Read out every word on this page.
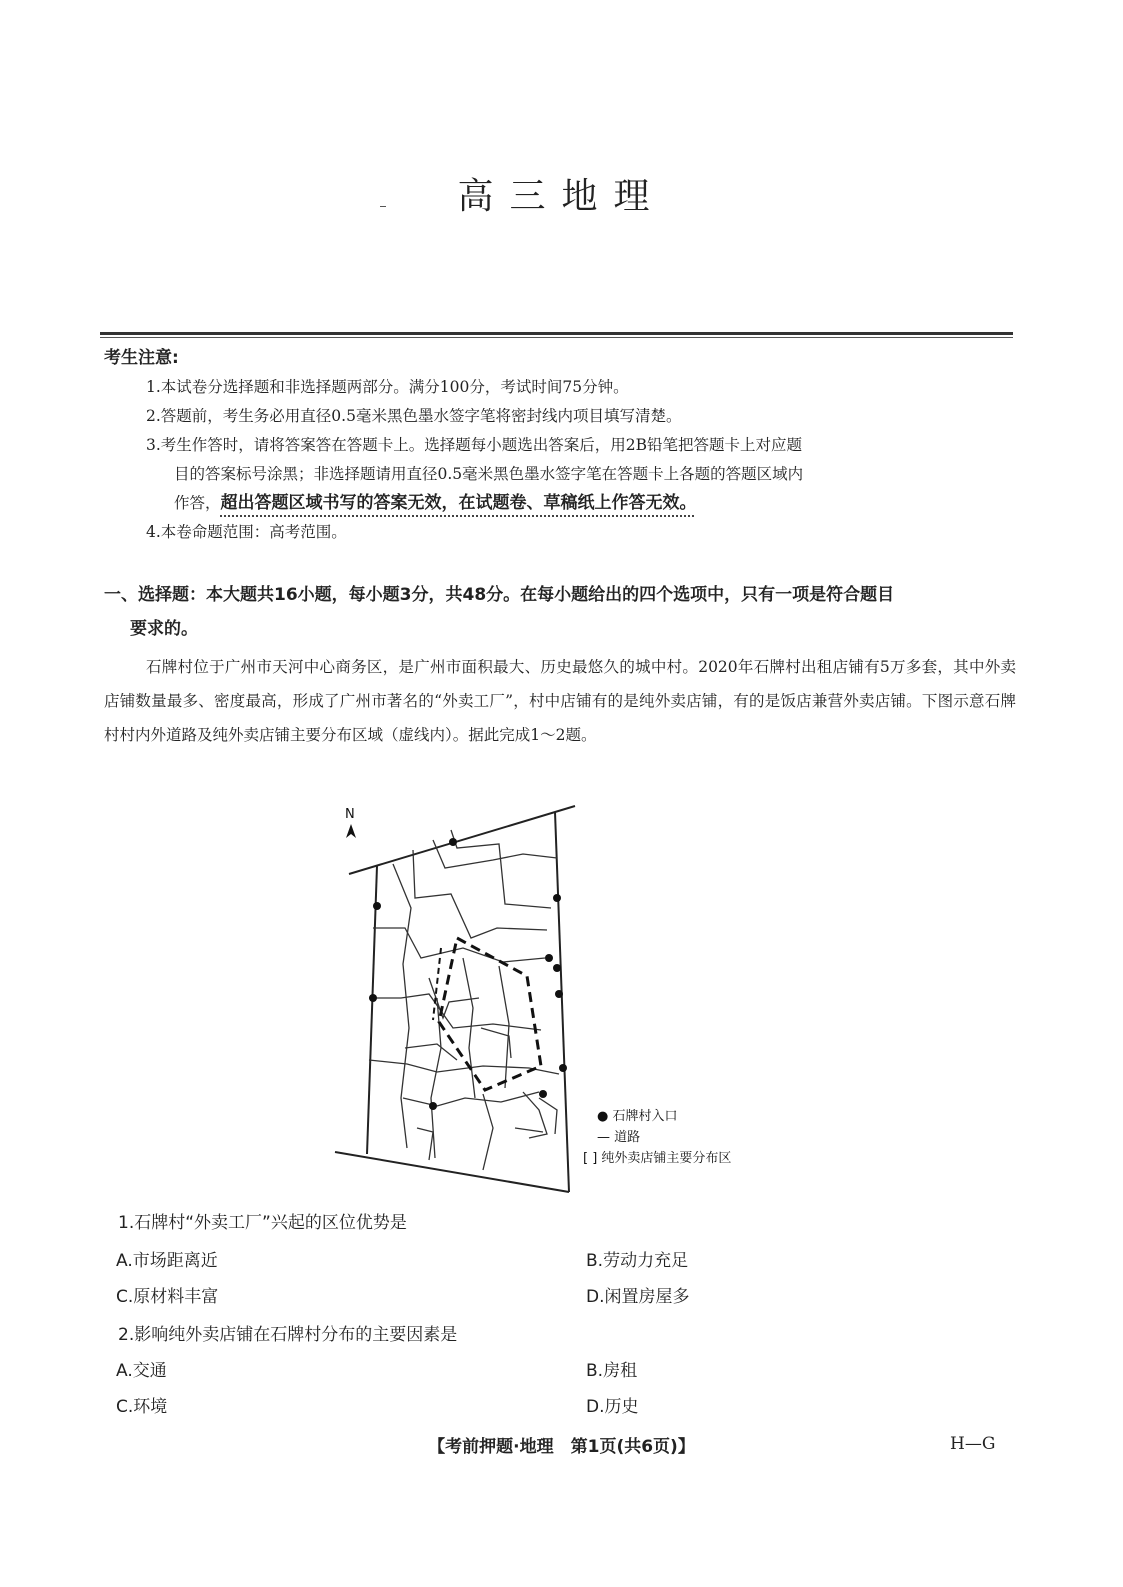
高三地理
考生注意:
1.本试卷分选择题和非选择题两部分。满分100分，考试时间75分钟。
2.答题前，考生务必用直径0.5毫米黑色墨水签字笔将密封线内项目填写清楚。
3.考生作答时，请将答案答在答题卡上。选择题每小题选出答案后，用2B铅笔把答题卡上对应题
目的答案标号涂黑；非选择题请用直径0.5毫米黑色墨水签字笔在答题卡上各题的答题区域内
作答，超出答题区域书写的答案无效，在试题卷、草稿纸上作答无效。
4.本卷命题范围：高考范围。
一、选择题：本大题共16小题，每小题3分，共48分。在每小题给出的四个选项中，只有一项是符合题目
要求的。
石牌村位于广州市天河中心商务区，是广州市面积最大、历史最悠久的城中村。2020年石牌村出租店铺有5万多套，其中外卖店铺数量最多、密度最高，形成了广州市著名的“外卖工厂”，村中店铺有的是纯外卖店铺，有的是饭店兼营外卖店铺。下图示意石牌村村内外道路及纯外卖店铺主要分布区域（虚线内）。据此完成1～2题。
N
● 石牌村入口
— 道路
[ ] 纯外卖店铺主要分布区
1.石牌村“外卖工厂”兴起的区位优势是
A.市场距离近	B.劳动力充足
C.原材料丰富	D.闲置房屋多
2.影响纯外卖店铺在石牌村分布的主要因素是
A.交通	B.房租
C.环境	D.历史
【考前押题·地理　第1页(共6页)】	H—G
